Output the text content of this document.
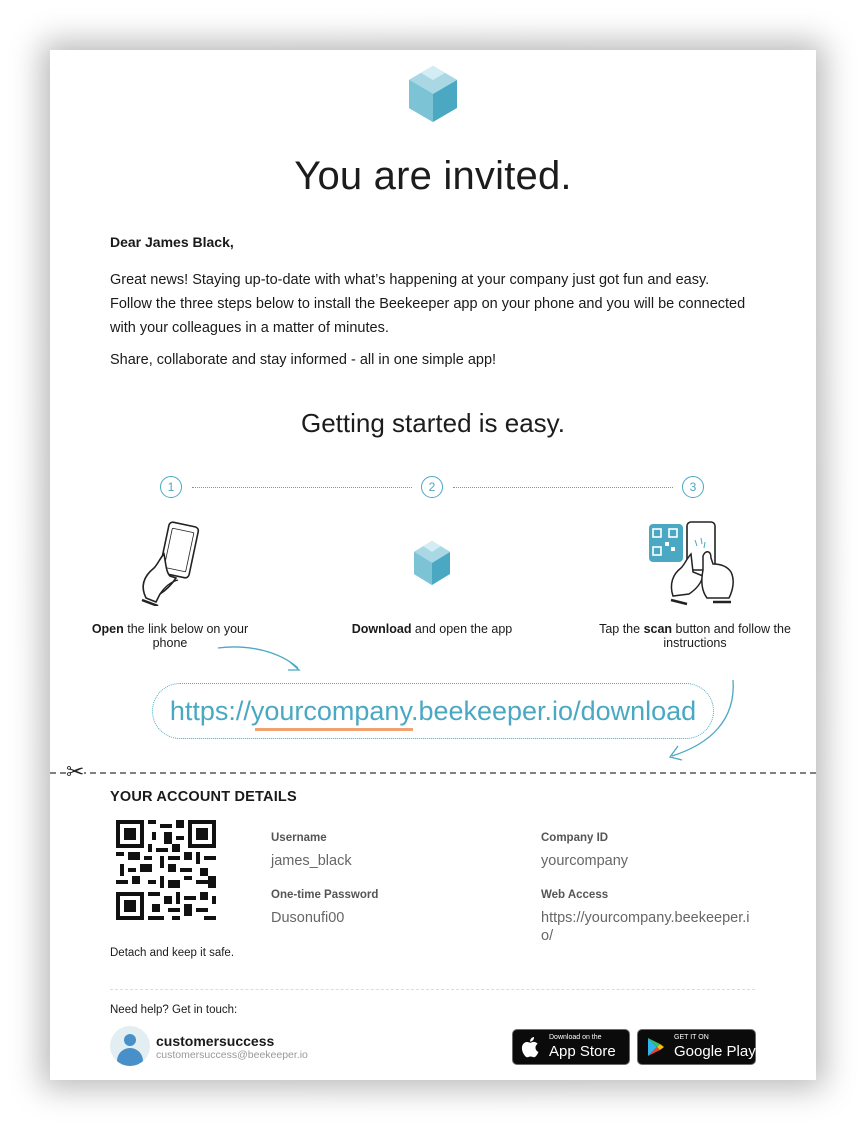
You are invited.
Dear James Black,
Great news! Staying up-to-date with what’s happening at your company just got fun and easy. Follow the three steps below to install the Beekeeper app on your phone and you will be connected with your colleagues in a matter of minutes.
Share, collaborate and stay informed - all in one simple app!
Getting started is easy.
1	2	3
Open the link below on your phone
Download and open the app	Tap the scan button and follow the instructions
https://yourcompany.beekeeper.io/download
✂
YOUR ACCOUNT DETAILS
Detach and keep it safe.
Username
james_black
One-time Password
Dusonufi00
Company ID
yourcompany
Web Access
https://yourcompany.beekeeper.io/
Need help? Get in touch:
customersuccess
customersuccess@beekeeper.io
Download on the
App Store
GET IT ON
Google Play
